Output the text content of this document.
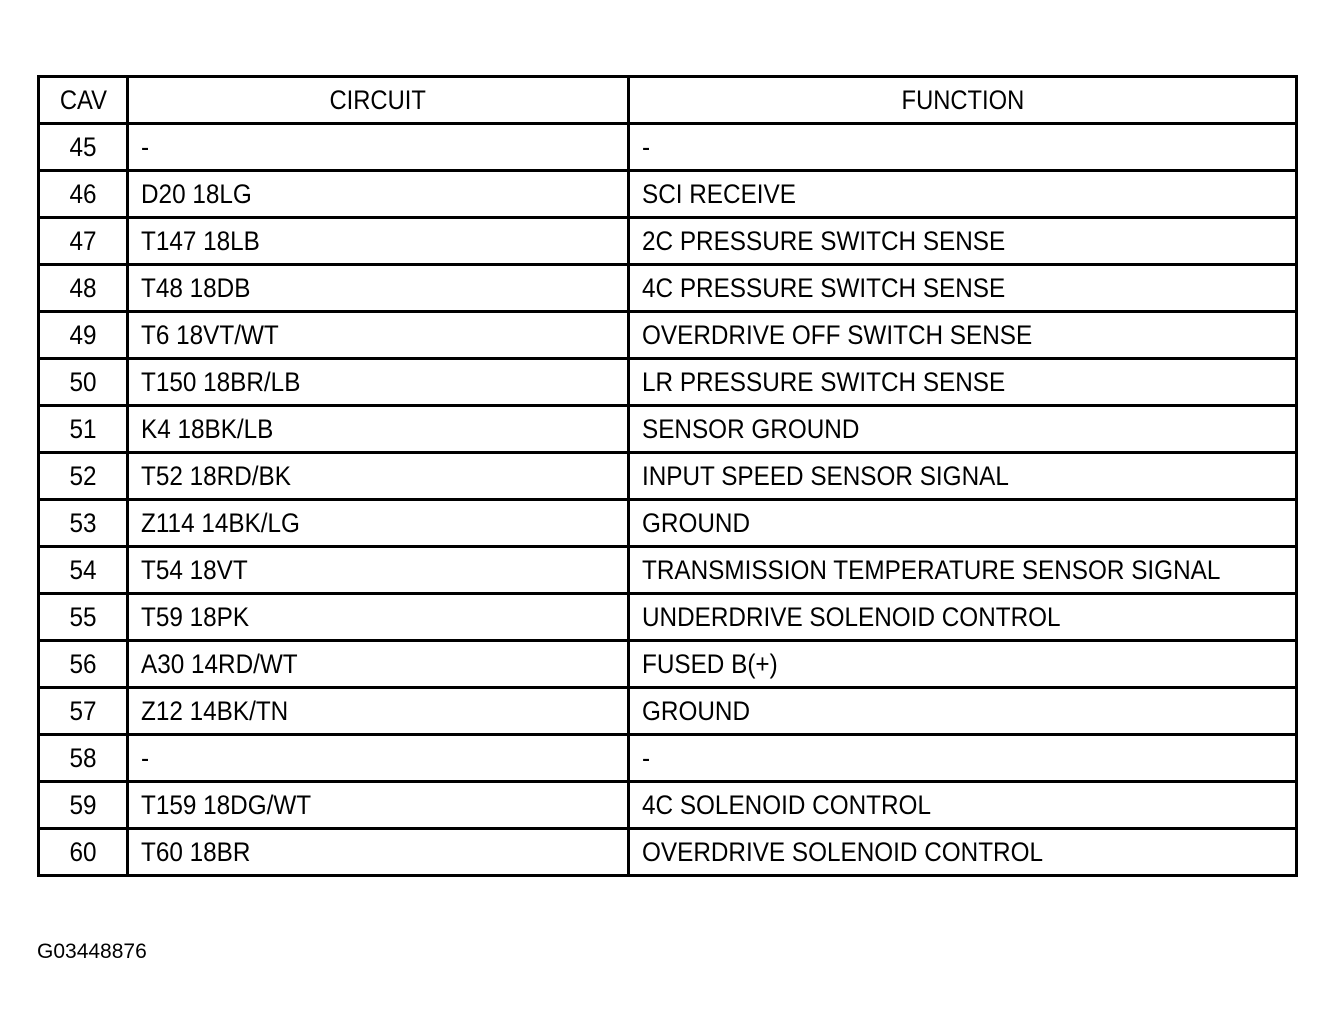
CAV	CIRCUIT	FUNCTION
45	-	-
46	D20 18LG	SCI RECEIVE
47	T147 18LB	2C PRESSURE SWITCH SENSE
48	T48 18DB	4C PRESSURE SWITCH SENSE
49	T6 18VT/WT	OVERDRIVE OFF SWITCH SENSE
50	T150 18BR/LB	LR PRESSURE SWITCH SENSE
51	K4 18BK/LB	SENSOR GROUND
52	T52 18RD/BK	INPUT SPEED SENSOR SIGNAL
53	Z114 14BK/LG	GROUND
54	T54 18VT	TRANSMISSION TEMPERATURE SENSOR SIGNAL
55	T59 18PK	UNDERDRIVE SOLENOID CONTROL
56	A30 14RD/WT	FUSED B(+)
57	Z12 14BK/TN	GROUND
58	-	-
59	T159 18DG/WT	4C SOLENOID CONTROL
60	T60 18BR	OVERDRIVE SOLENOID CONTROL
G03448876
